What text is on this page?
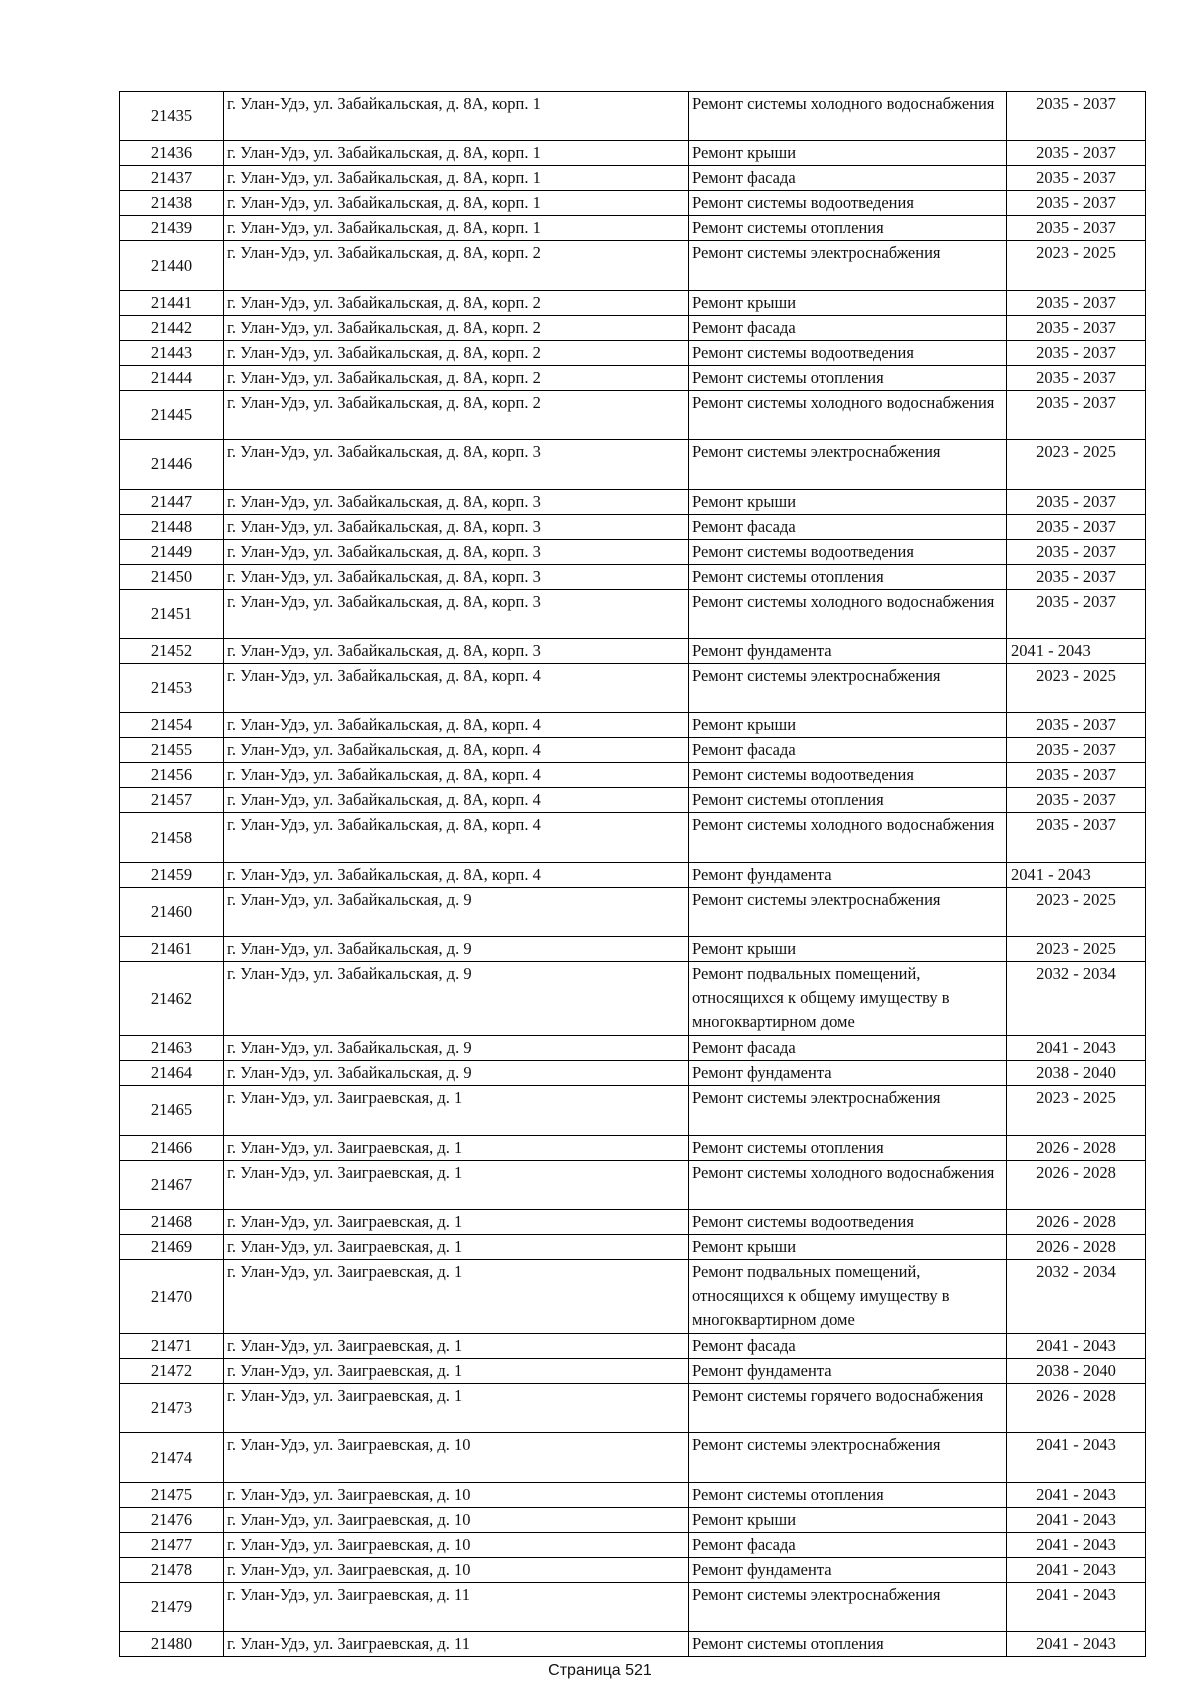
21435	г. Улан-Удэ, ул. Забайкальская, д. 8А, корп. 1	Ремонт системы холодного водоснабжения	2035 - 2037
21436	г. Улан-Удэ, ул. Забайкальская, д. 8А, корп. 1	Ремонт крыши	2035 - 2037
21437	г. Улан-Удэ, ул. Забайкальская, д. 8А, корп. 1	Ремонт фасада	2035 - 2037
21438	г. Улан-Удэ, ул. Забайкальская, д. 8А, корп. 1	Ремонт системы водоотведения	2035 - 2037
21439	г. Улан-Удэ, ул. Забайкальская, д. 8А, корп. 1	Ремонт системы отопления	2035 - 2037
21440	г. Улан-Удэ, ул. Забайкальская, д. 8А, корп. 2	Ремонт системы электроснабжения	2023 - 2025
21441	г. Улан-Удэ, ул. Забайкальская, д. 8А, корп. 2	Ремонт крыши	2035 - 2037
21442	г. Улан-Удэ, ул. Забайкальская, д. 8А, корп. 2	Ремонт фасада	2035 - 2037
21443	г. Улан-Удэ, ул. Забайкальская, д. 8А, корп. 2	Ремонт системы водоотведения	2035 - 2037
21444	г. Улан-Удэ, ул. Забайкальская, д. 8А, корп. 2	Ремонт системы отопления	2035 - 2037
21445	г. Улан-Удэ, ул. Забайкальская, д. 8А, корп. 2	Ремонт системы холодного водоснабжения	2035 - 2037
21446	г. Улан-Удэ, ул. Забайкальская, д. 8А, корп. 3	Ремонт системы электроснабжения	2023 - 2025
21447	г. Улан-Удэ, ул. Забайкальская, д. 8А, корп. 3	Ремонт крыши	2035 - 2037
21448	г. Улан-Удэ, ул. Забайкальская, д. 8А, корп. 3	Ремонт фасада	2035 - 2037
21449	г. Улан-Удэ, ул. Забайкальская, д. 8А, корп. 3	Ремонт системы водоотведения	2035 - 2037
21450	г. Улан-Удэ, ул. Забайкальская, д. 8А, корп. 3	Ремонт системы отопления	2035 - 2037
21451	г. Улан-Удэ, ул. Забайкальская, д. 8А, корп. 3	Ремонт системы холодного водоснабжения	2035 - 2037
21452	г. Улан-Удэ, ул. Забайкальская, д. 8А, корп. 3	Ремонт фундамента	2041 - 2043
21453	г. Улан-Удэ, ул. Забайкальская, д. 8А, корп. 4	Ремонт системы электроснабжения	2023 - 2025
21454	г. Улан-Удэ, ул. Забайкальская, д. 8А, корп. 4	Ремонт крыши	2035 - 2037
21455	г. Улан-Удэ, ул. Забайкальская, д. 8А, корп. 4	Ремонт фасада	2035 - 2037
21456	г. Улан-Удэ, ул. Забайкальская, д. 8А, корп. 4	Ремонт системы водоотведения	2035 - 2037
21457	г. Улан-Удэ, ул. Забайкальская, д. 8А, корп. 4	Ремонт системы отопления	2035 - 2037
21458	г. Улан-Удэ, ул. Забайкальская, д. 8А, корп. 4	Ремонт системы холодного водоснабжения	2035 - 2037
21459	г. Улан-Удэ, ул. Забайкальская, д. 8А, корп. 4	Ремонт фундамента	2041 - 2043
21460	г. Улан-Удэ, ул. Забайкальская, д. 9	Ремонт системы электроснабжения	2023 - 2025
21461	г. Улан-Удэ, ул. Забайкальская, д. 9	Ремонт крыши	2023 - 2025
21462	г. Улан-Удэ, ул. Забайкальская, д. 9	Ремонт подвальных помещений, относящихся к общему имуществу в многоквартирном доме	2032 - 2034
21463	г. Улан-Удэ, ул. Забайкальская, д. 9	Ремонт фасада	2041 - 2043
21464	г. Улан-Удэ, ул. Забайкальская, д. 9	Ремонт фундамента	2038 - 2040
21465	г. Улан-Удэ, ул. Заиграевская, д. 1	Ремонт системы электроснабжения	2023 - 2025
21466	г. Улан-Удэ, ул. Заиграевская, д. 1	Ремонт системы отопления	2026 - 2028
21467	г. Улан-Удэ, ул. Заиграевская, д. 1	Ремонт системы холодного водоснабжения	2026 - 2028
21468	г. Улан-Удэ, ул. Заиграевская, д. 1	Ремонт системы водоотведения	2026 - 2028
21469	г. Улан-Удэ, ул. Заиграевская, д. 1	Ремонт крыши	2026 - 2028
21470	г. Улан-Удэ, ул. Заиграевская, д. 1	Ремонт подвальных помещений, относящихся к общему имуществу в многоквартирном доме	2032 - 2034
21471	г. Улан-Удэ, ул. Заиграевская, д. 1	Ремонт фасада	2041 - 2043
21472	г. Улан-Удэ, ул. Заиграевская, д. 1	Ремонт фундамента	2038 - 2040
21473	г. Улан-Удэ, ул. Заиграевская, д. 1	Ремонт системы горячего водоснабжения	2026 - 2028
21474	г. Улан-Удэ, ул. Заиграевская, д. 10	Ремонт системы электроснабжения	2041 - 2043
21475	г. Улан-Удэ, ул. Заиграевская, д. 10	Ремонт системы отопления	2041 - 2043
21476	г. Улан-Удэ, ул. Заиграевская, д. 10	Ремонт крыши	2041 - 2043
21477	г. Улан-Удэ, ул. Заиграевская, д. 10	Ремонт фасада	2041 - 2043
21478	г. Улан-Удэ, ул. Заиграевская, д. 10	Ремонт фундамента	2041 - 2043
21479	г. Улан-Удэ, ул. Заиграевская, д. 11	Ремонт системы электроснабжения	2041 - 2043
21480	г. Улан-Удэ, ул. Заиграевская, д. 11	Ремонт системы отопления	2041 - 2043
Страница 521
